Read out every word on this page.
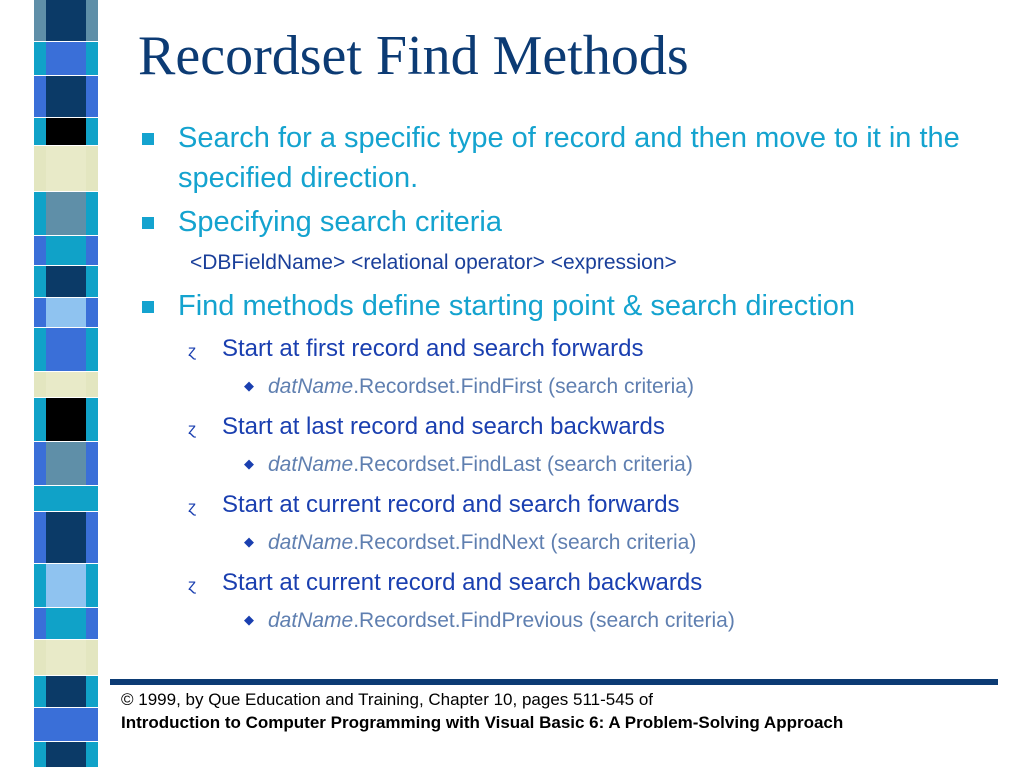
Recordset Find Methods
Search for a specific type of record and then move to it in the specified direction.
Specifying search criteria
<DBFieldName> <relational operator> <expression>
Find methods define starting point & search direction
ɀ Start at first record and search forwards
◆ datName.Recordset.FindFirst (search criteria)
ɀ Start at last record and search backwards
◆ datName.Recordset.FindLast (search criteria)
ɀ Start at current record and search forwards
◆ datName.Recordset.FindNext (search criteria)
ɀ Start at current record and search backwards
◆ datName.Recordset.FindPrevious (search criteria)
© 1999, by Que Education and Training, Chapter 10, pages 511-545 of
Introduction to Computer Programming with Visual Basic 6: A Problem-Solving Approach
